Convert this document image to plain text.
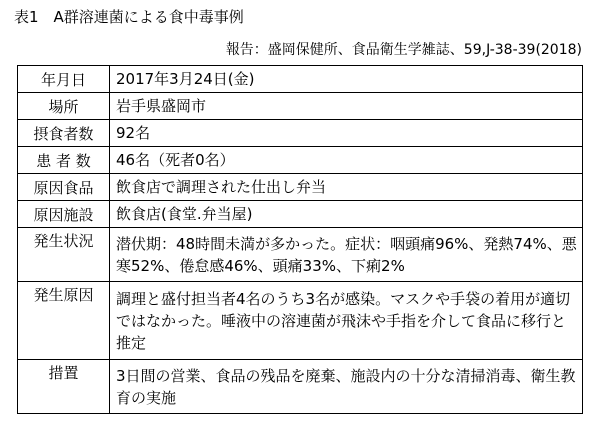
表1　A群溶連菌による食中毒事例
報告：盛岡保健所、食品衛生学雑誌、59,J-38-39(2018)
年月日	2017年3月24日(金)
場所	岩手県盛岡市
摂食者数	92名
患 者 数	46名（死者0名）
原因食品	飲食店で調理された仕出し弁当
原因施設	飲食店(食堂.弁当屋)
発生状況	潜伏期：48時間未満が多かった。症状：咽頭痛96%、発熱74%、悪寒52%、倦怠感46%、頭痛33%、下痢2%
発生原因	調理と盛付担当者4名のうち3名が感染。マスクや手袋の着用が適切ではなかった。唾液中の溶連菌が飛沫や手指を介して食品に移行と推定
措置	3日間の営業、食品の残品を廃棄、施設内の十分な清掃消毒、衛生教育の実施
